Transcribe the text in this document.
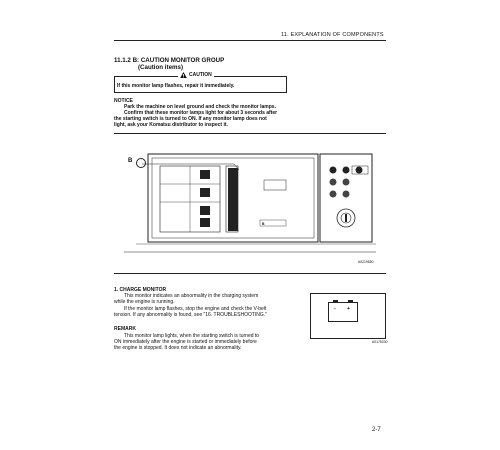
11. EXPLANATION OF COMPONENTS
11.1.2 B: CAUTION MONITOR GROUP
(Caution items)
CAUTION
If this monitor lamp flashes, repair it immediately.
NOTICE
Park the machine on level ground and check the monitor lamps.
Confirm that these monitor lamps light for about 3 seconds after
the starting switch is turned to ON. If any monitor lamp does not
light, ask your Komatsu distributor to inspect it.
B
B
A0219850
1. CHARGE MONITOR
This monitor indicates an abnormality in the charging system
while the engine is running.
If the monitor lamp flashes, stop the engine and check the V-belt
tension. If any abnormality is found, see "16. TROUBLESHOOTING."
- +
A0175330
REMARK
This monitor lamp lights, when the starting switch is turned to
ON immediately after the engine is started or immediately before
the engine is stopped. It does not indicate an abnormality.
2-7
